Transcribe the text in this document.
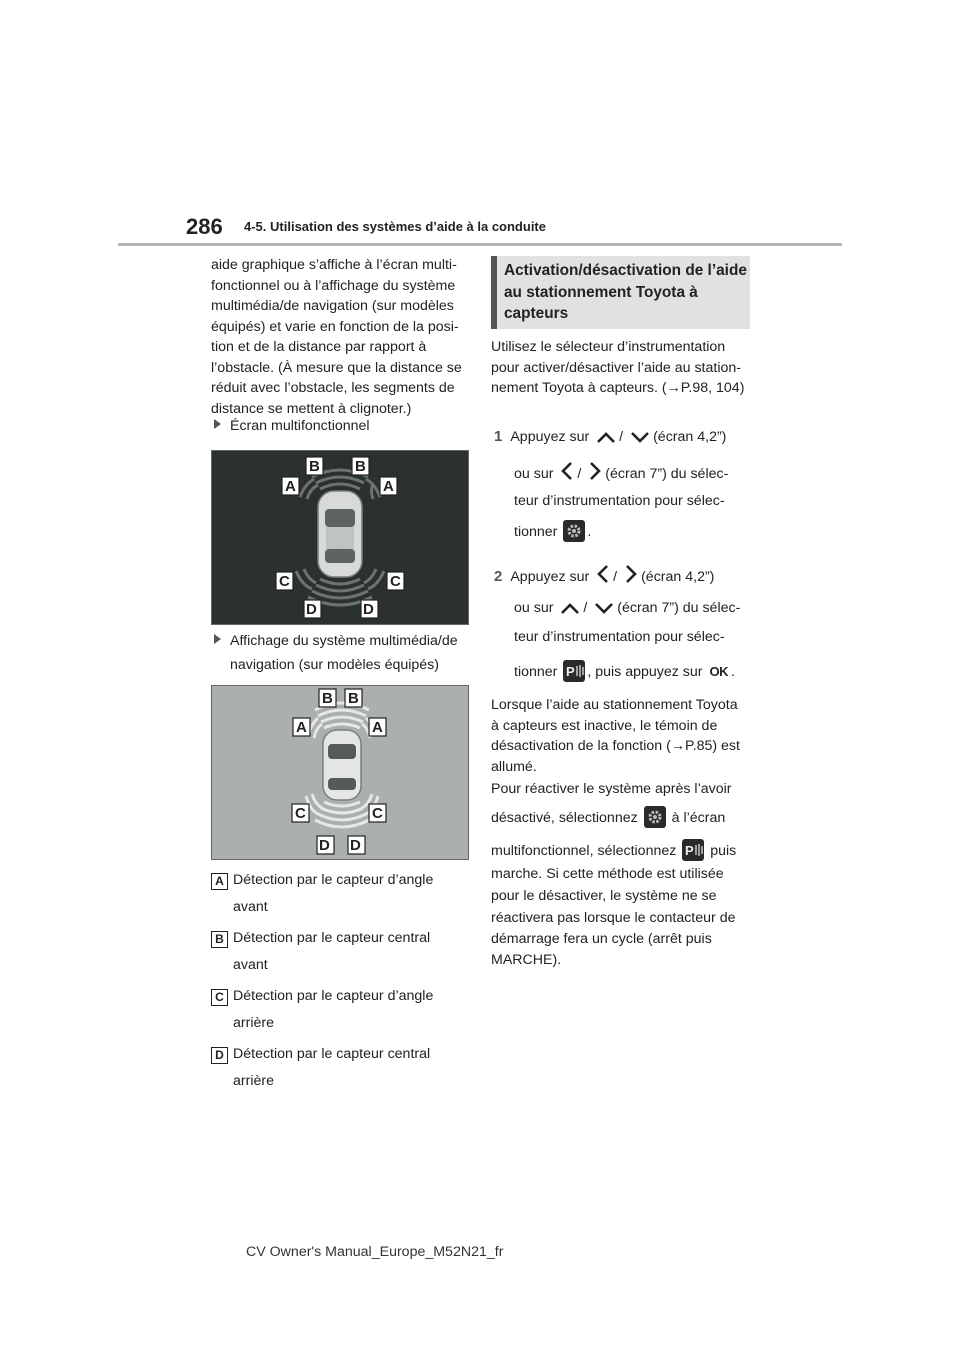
286 4-5. Utilisation des systèmes d’aide à la conduite
aide graphique s’affiche à l’écran multi-fonctionnel ou à l’affichage du système multimédia/de navigation (sur modèles équipés) et varie en fonction de la posi-tion et de la distance par rapport à l’obstacle. (À mesure que la distance se réduit avec l’obstacle, les segments de distance se mettent à clignoter.)
Écran multifonctionnel
B B
A	A
C	C
D	D
Affichage du système multimédia/de
navigation (sur modèles équipés)
B B
A	A
C	C
D D
A Détection par le capteur d’angle
avant
B Détection par le capteur central
avant
C Détection par le capteur d’angle
arrière
D Détection par le capteur central
arrière
Activation/désactivation de l’aide au stationnement Toyota à capteurs
Utilisez le sélecteur d’instrumentation pour activer/désactiver l’aide au station-nement Toyota à capteurs. (→P.98, 104)
1 Appuyez sur / (écran 4,2”)
ou sur / (écran 7”) du sélec-
teur d’instrumentation pour sélec-
tionner .
2 Appuyez sur / (écran 4,2”)
ou sur / (écran 7”) du sélec-
teur d’instrumentation pour sélec-
tionner P , puis appuyez sur OK .
Lorsque l’aide au stationnement Toyota à capteurs est inactive, le témoin de désactivation de la fonction (→P.85) est allumé.
Pour réactiver le système après l’avoir
désactivé, sélectionnez à l’écran
multifonctionnel, sélectionnez P puis
marche. Si cette méthode est utilisée
pour le désactiver, le système ne se
réactivera pas lorsque le contacteur de
démarrage fera un cycle (arrêt puis
MARCHE).
CV Owner's Manual_Europe_M52N21_fr
